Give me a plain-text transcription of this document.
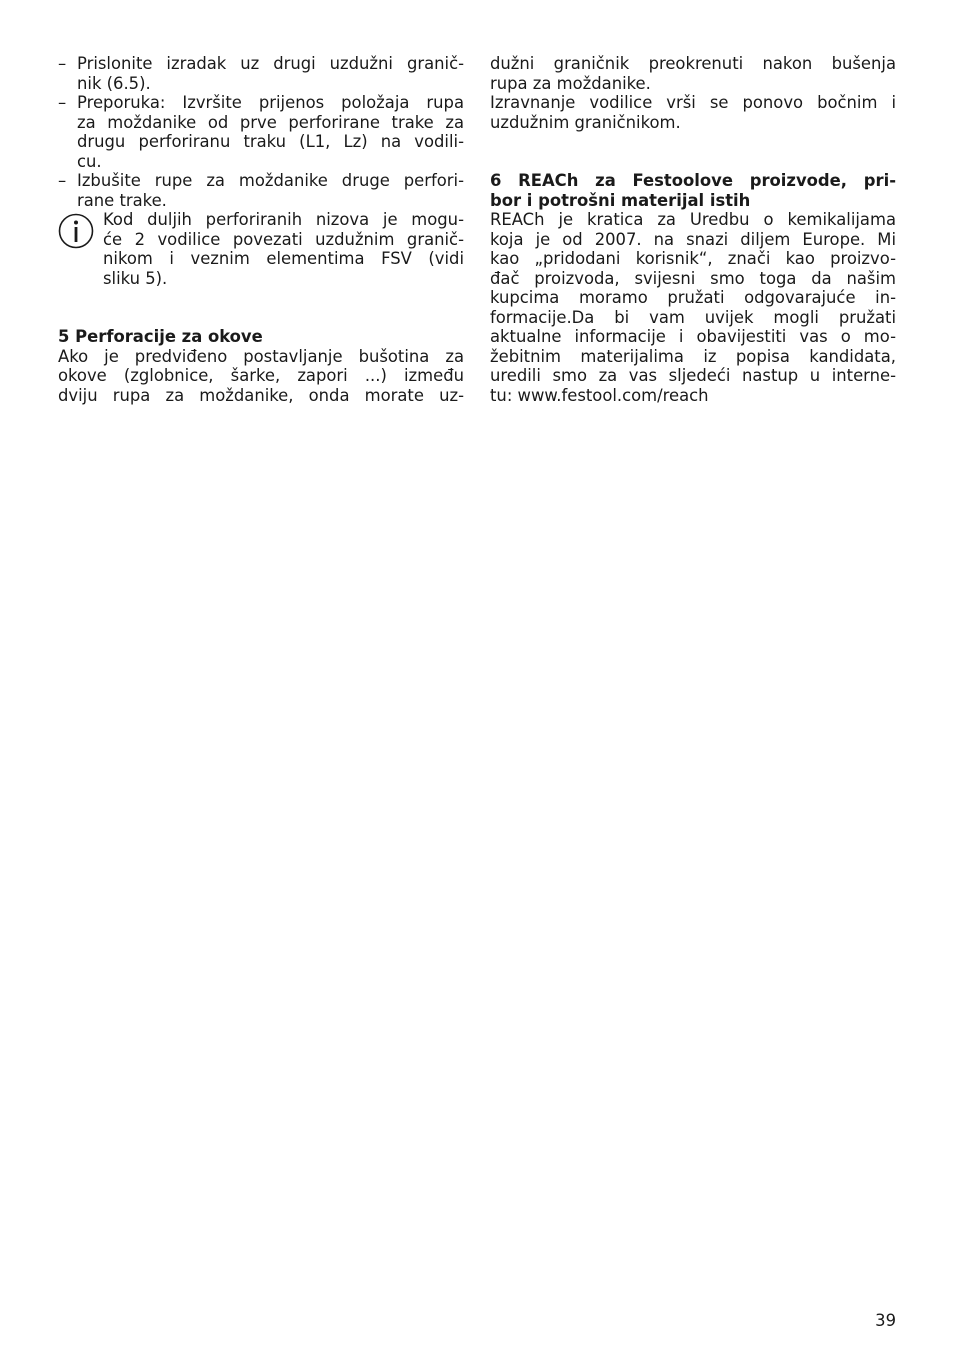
– Prislonite izradak uz drugi uzdužni granič-
nik (6.5).
– Preporuka: Izvršite prijenos položaja rupa
za moždanike od prve perforirane trake za
drugu perforiranu traku (L1, Lz) na vodili-
cu.
– Izbušite rupe za moždanike druge perfori-
rane trake.
Kod duljih perforiranih nizova je mogu-
će 2 vodilice povezati uzdužnim granič-
nikom i veznim elementima FSV (vidi
sliku 5).
5 Perforacije za okove
Ako je predviđeno postavljanje bušotina za
okove (zglobnice, šarke, zapori ...) između
dviju rupa za moždanike, onda morate uz-
dužni graničnik preokrenuti nakon bušenja
rupa za moždanike.
Izravnanje vodilice vrši se ponovo bočnim i
uzdužnim graničnikom.
6 REACh za Festoolove proizvode, pri-
bor i potrošni materijal istih
REACh je kratica za Uredbu o kemikalijama
koja je od 2007. na snazi diljem Europe. Mi
kao „pridodani korisnik“, znači kao proizvo-
đač proizvoda, svijesni smo toga da našim
kupcima moramo pružati odgovarajuće in-
formacije.Da bi vam uvijek mogli pružati
aktualne informacije i obavijestiti vas o mo-
žebitnim materijalima iz popisa kandidata,
uredili smo za vas sljedeći nastup u interne-
tu: www.festool.com/reach
39
